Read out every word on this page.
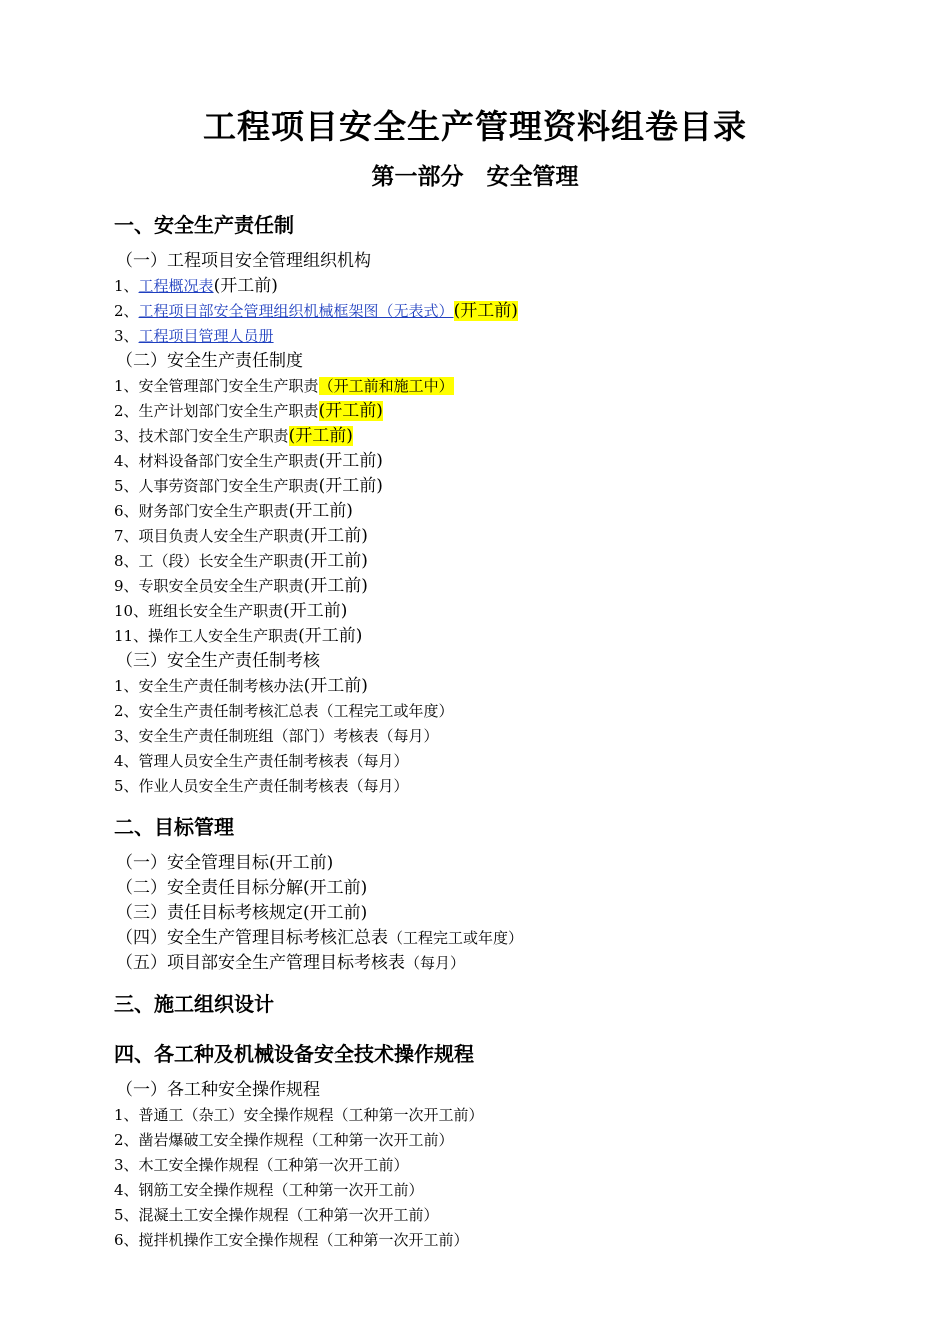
工程项目安全生产管理资料组卷目录
第一部分　安全管理
一、安全生产责任制
（一）工程项目安全管理组织机构
1、工程概况表(开工前)
2、工程项目部安全管理组织机械框架图（无表式）(开工前)
3、工程项目管理人员册
（二）安全生产责任制度
1、安全管理部门安全生产职责（开工前和施工中）
2、生产计划部门安全生产职责(开工前)
3、技术部门安全生产职责(开工前)
4、材料设备部门安全生产职责(开工前)
5、人事劳资部门安全生产职责(开工前)
6、财务部门安全生产职责(开工前)
7、项目负责人安全生产职责(开工前)
8、工（段）长安全生产职责(开工前)
9、专职安全员安全生产职责(开工前)
10、班组长安全生产职责(开工前)
11、操作工人安全生产职责(开工前)
（三）安全生产责任制考核
1、安全生产责任制考核办法(开工前)
2、安全生产责任制考核汇总表（工程完工或年度）
3、安全生产责任制班组（部门）考核表（每月）
4、管理人员安全生产责任制考核表（每月）
5、作业人员安全生产责任制考核表（每月）
二、目标管理
（一）安全管理目标(开工前)
（二）安全责任目标分解(开工前)
（三）责任目标考核规定(开工前)
（四）安全生产管理目标考核汇总表（工程完工或年度）
（五）项目部安全生产管理目标考核表（每月）
三、施工组织设计
四、各工种及机械设备安全技术操作规程
（一）各工种安全操作规程
1、普通工（杂工）安全操作规程（工种第一次开工前）
2、凿岩爆破工安全操作规程（工种第一次开工前）
3、木工安全操作规程（工种第一次开工前）
4、钢筋工安全操作规程（工种第一次开工前）
5、混凝土工安全操作规程（工种第一次开工前）
6、搅拌机操作工安全操作规程（工种第一次开工前）
